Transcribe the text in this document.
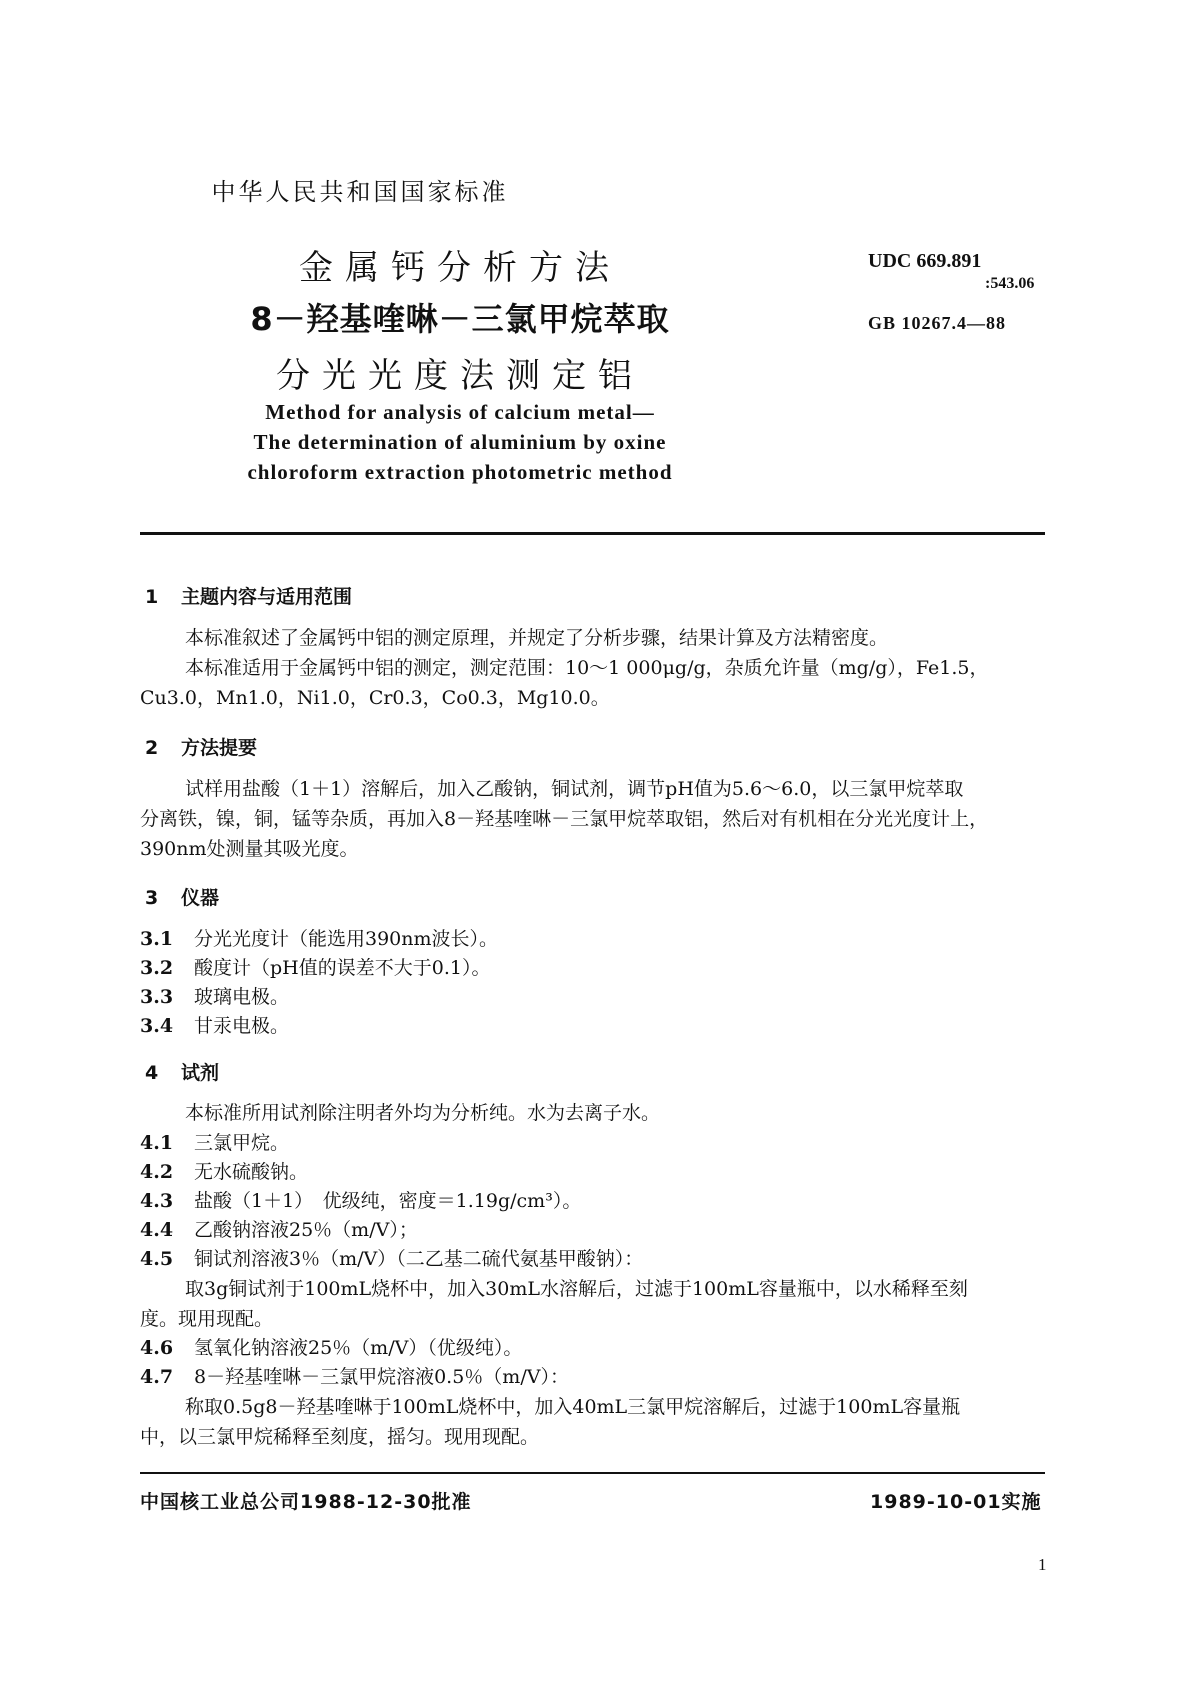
中华人民共和国国家标准
金属钙分析方法
8－羟基喹啉－三氯甲烷萃取
分光光度法测定铝
Method for analysis of calcium metal—
The determination of aluminium by oxine
chloroform extraction photometric method
UDC 669.891
:543.06
GB 10267.4—88
1 主题内容与适用范围
本标准叙述了金属钙中铝的测定原理，并规定了分析步骤，结果计算及方法精密度。
本标准适用于金属钙中铝的测定，测定范围：10～1 000μg/g，杂质允许量（mg/g），Fe1.5，
Cu3.0，Mn1.0，Ni1.0，Cr0.3，Co0.3，Mg10.0。
2 方法提要
试样用盐酸（1＋1）溶解后，加入乙酸钠，铜试剂，调节pH值为5.6～6.0，以三氯甲烷萃取
分离铁，镍，铜，锰等杂质，再加入8－羟基喹啉－三氯甲烷萃取铝，然后对有机相在分光光度计上，
390nm处测量其吸光度。
3 仪器
3.1 分光光度计（能选用390nm波长）。
3.2 酸度计（pH值的误差不大于0.1）。
3.3 玻璃电极。
3.4 甘汞电极。
4 试剂
本标准所用试剂除注明者外均为分析纯。水为去离子水。
4.1 三氯甲烷。
4.2 无水硫酸钠。
4.3 盐酸（1＋1）　优级纯，密度＝1.19g/cm³）。
4.4 乙酸钠溶液25％（m/V）；
4.5 铜试剂溶液3％（m/V）（二乙基二硫代氨基甲酸钠）：
取3g铜试剂于100mL烧杯中，加入30mL水溶解后，过滤于100mL容量瓶中，以水稀释至刻
度。现用现配。
4.6 氢氧化钠溶液25％（m/V）（优级纯）。
4.7 8－羟基喹啉－三氯甲烷溶液0.5％（m/V）：
称取0.5g8－羟基喹啉于100mL烧杯中，加入40mL三氯甲烷溶解后，过滤于100mL容量瓶
中，以三氯甲烷稀释至刻度，摇匀。现用现配。
中国核工业总公司1988-12-30批准	1989-10-01实施
1
